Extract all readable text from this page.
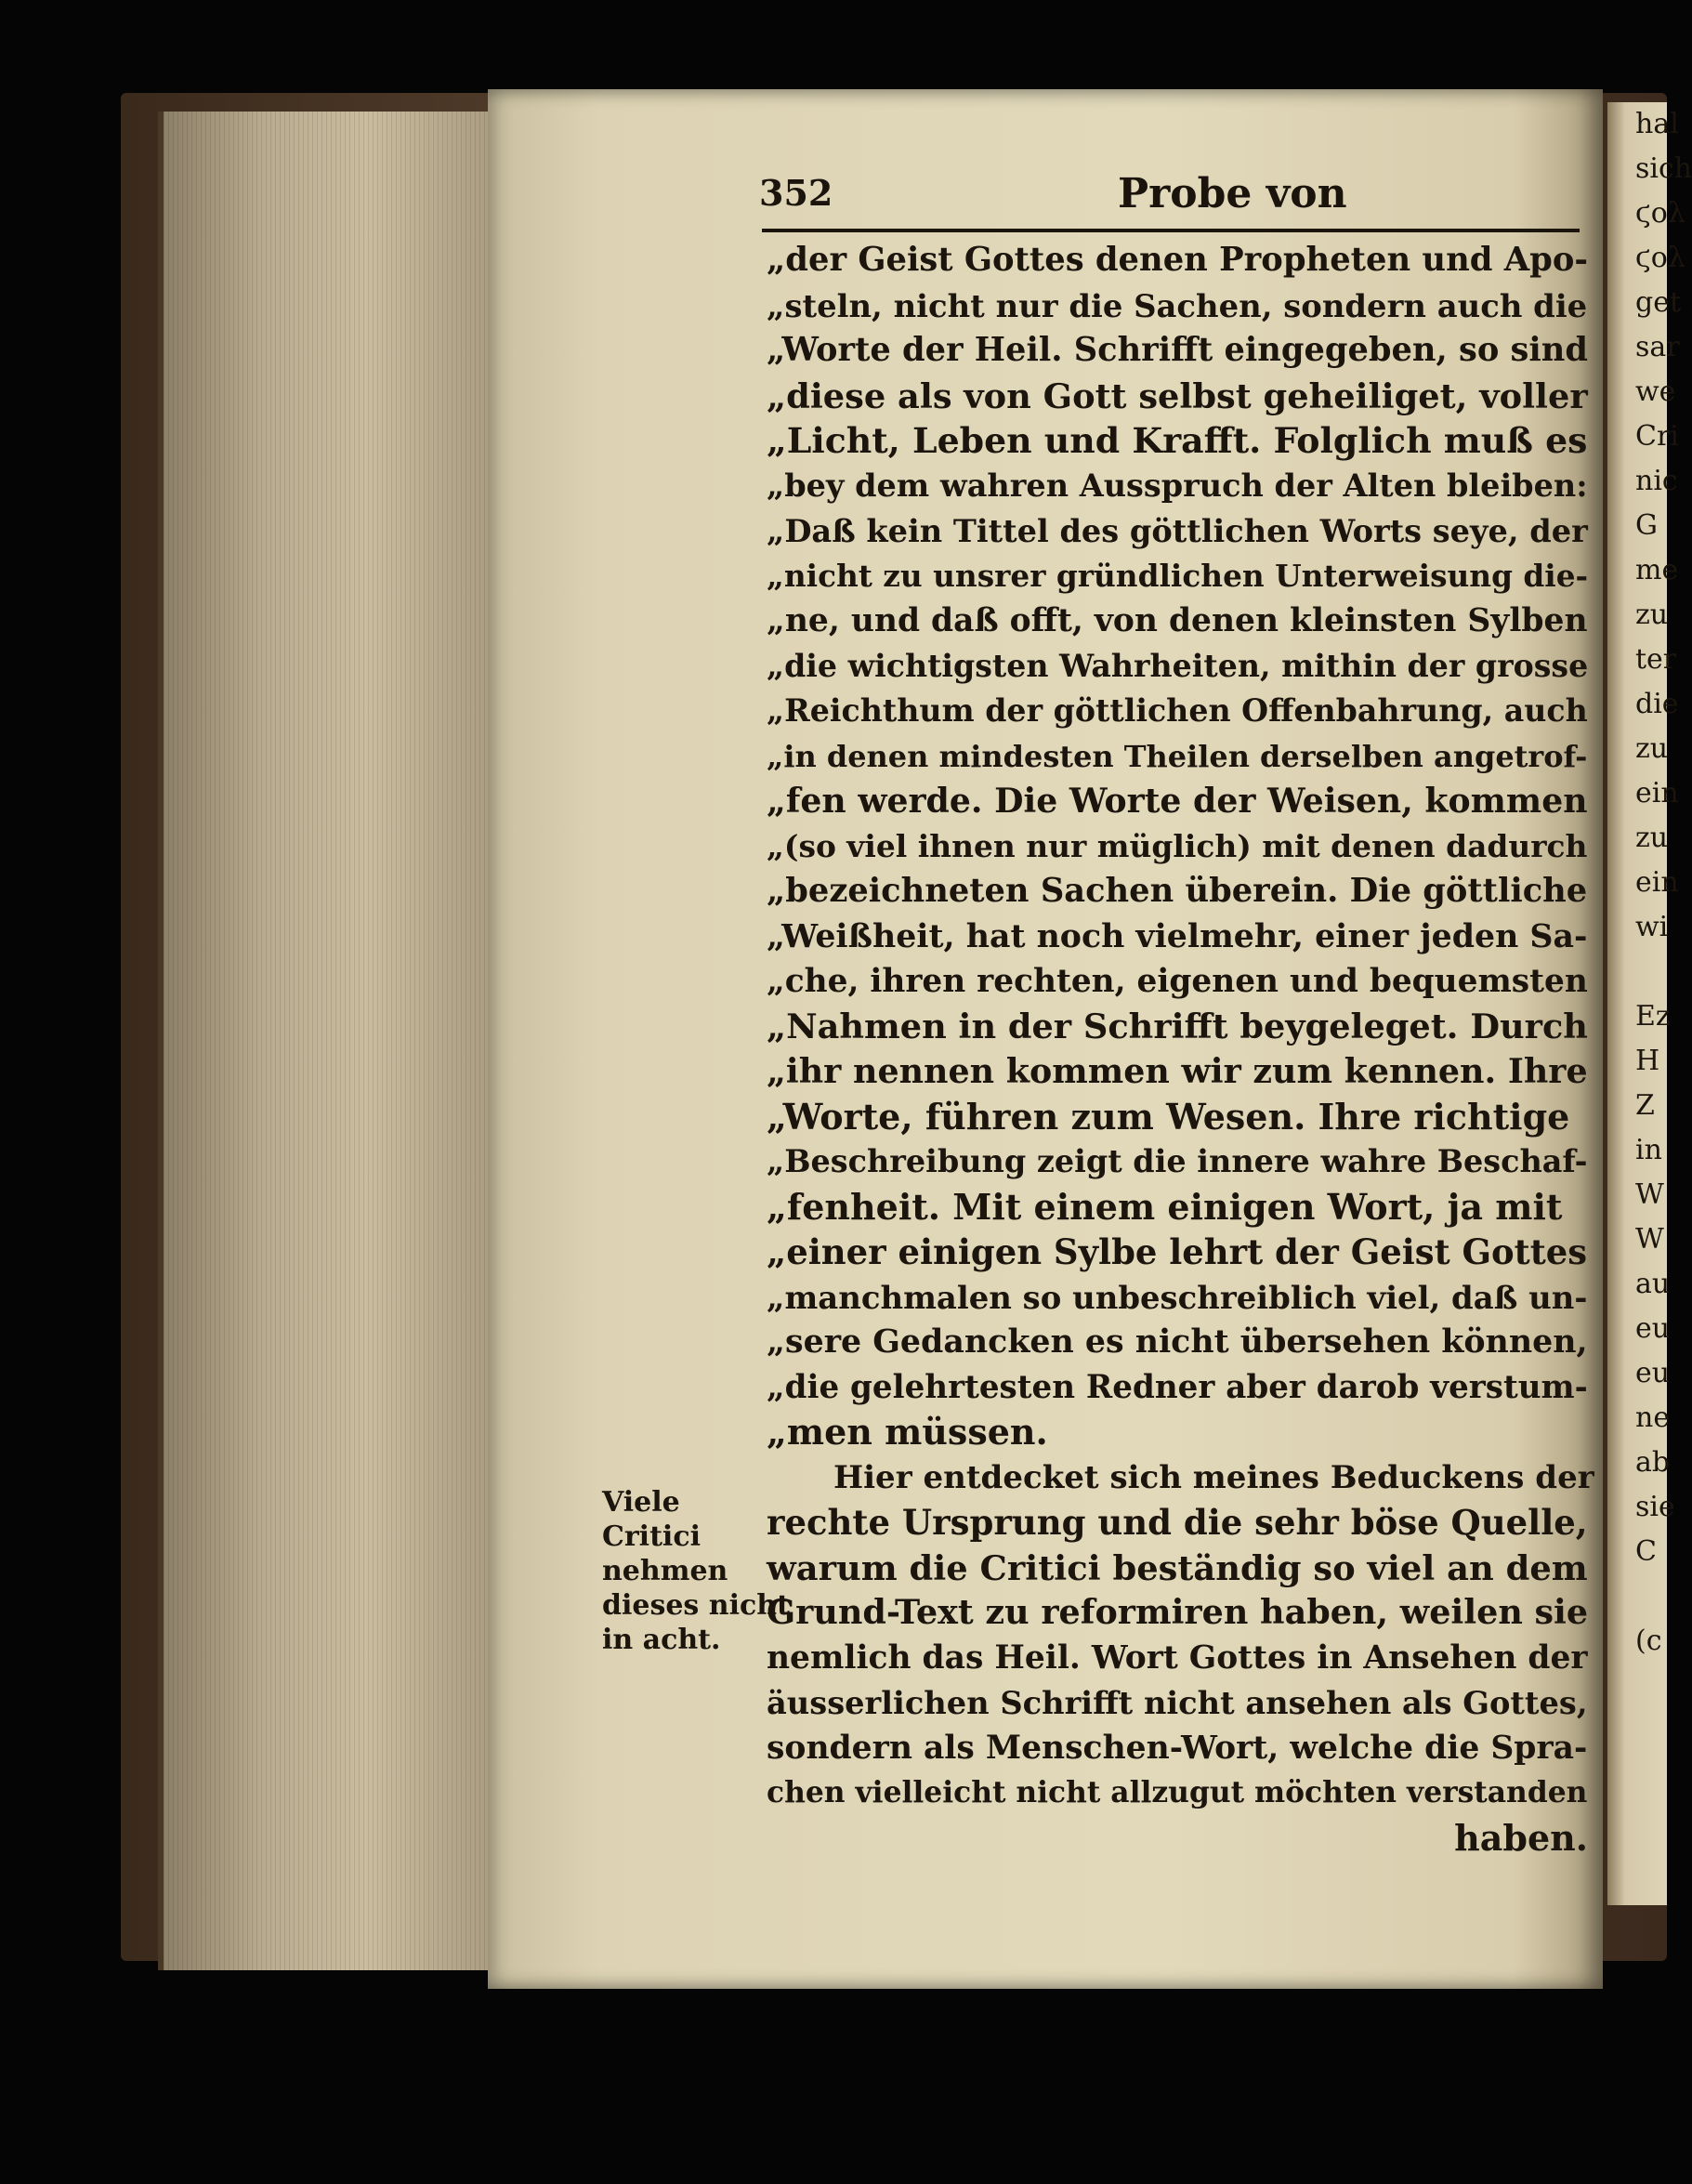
hal
sich
ϛολ
ϛολ
get
sar
we
Cri
nic
G
me
zu
ter
die
zu
ein
zu
ein
wi

Ez
H
Z
in
W
W
au
eu
eu
ne
ab
sie
C

(c
352	Probe von
„der Geist Gottes denen Propheten und Apo-
„steln, nicht nur die Sachen, sondern auch die
„Worte der Heil. Schrifft eingegeben, so sind
„diese als von Gott selbst geheiliget, voller
„Licht, Leben und Krafft. Folglich muß es
„bey dem wahren Ausspruch der Alten bleiben:
„Daß kein Tittel des göttlichen Worts seye, der
„nicht zu unsrer gründlichen Unterweisung die-
„ne, und daß offt, von denen kleinsten Sylben
„die wichtigsten Wahrheiten, mithin der grosse
„Reichthum der göttlichen Offenbahrung, auch
„in denen mindesten Theilen derselben angetrof-
„fen werde. Die Worte der Weisen, kommen
„(so viel ihnen nur müglich) mit denen dadurch
„bezeichneten Sachen überein. Die göttliche
„Weißheit, hat noch vielmehr, einer jeden Sa-
„che, ihren rechten, eigenen und bequemsten
„Nahmen in der Schrifft beygeleget. Durch
„ihr nennen kommen wir zum kennen. Ihre
„Worte, führen zum Wesen. Ihre richtige
„Beschreibung zeigt die innere wahre Beschaf-
„fenheit. Mit einem einigen Wort, ja mit
„einer einigen Sylbe lehrt der Geist Gottes
„manchmalen so unbeschreiblich viel, daß un-
„sere Gedancken es nicht übersehen können,
„die gelehrtesten Redner aber darob verstum-
„men müssen.
Hier entdecket sich meines Beduckens der
rechte Ursprung und die sehr böse Quelle,
warum die Critici beständig so viel an dem
Grund-Text zu reformiren haben, weilen sie
nemlich das Heil. Wort Gottes in Ansehen der
äusserlichen Schrifft nicht ansehen als Gottes,
sondern als Menschen-Wort, welche die Spra-
chen vielleicht nicht allzugut möchten verstanden
haben.
Viele
Critici
nehmen
dieses nicht
in acht.
